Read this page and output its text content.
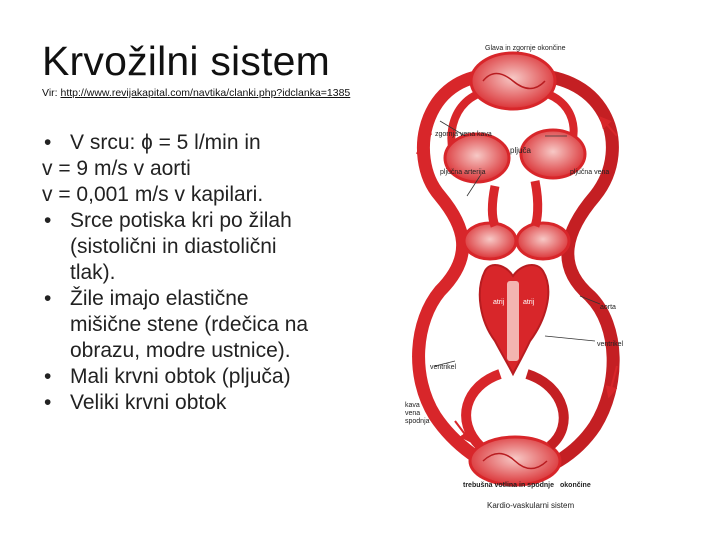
Krvožilni sistem
Vir: http://www.revijakapital.com/navtika/clanki.php?idclanka=1385
• V srcu: ɸ = 5 l/min in
v = 9 m/s v aorti
v = 0,001 m/s v kapilari.
• Srce potiska kri po žilah
(sistolični in diastolični
tlak).
• Žile imajo elastične
mišične stene (rdečica na
obrazu, modre ustnice).
• Mali krvni obtok (pljuča)
• Veliki krvni obtok
Glava in zgornje okončine
zgornja vena kava
pljuča
pljučna arterija	pljučna vena
atrij	atrij
aorta
ventrikel
ventrikel
kava
vena
spodnja
trebušna votlina in spodnje okončine
Kardio-vaskularni sistem
